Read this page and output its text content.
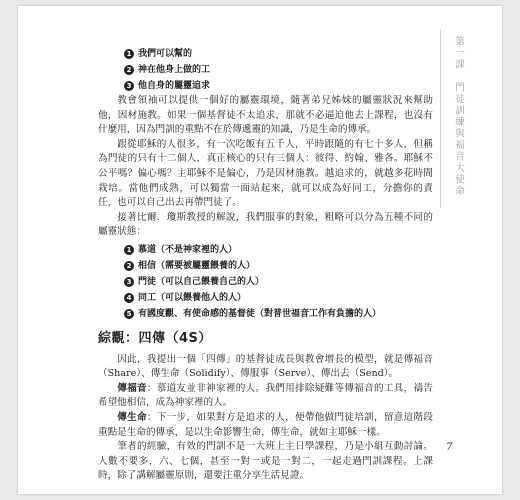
第一課　門徒訓練與福音大使命
1 我們可以幫的
2 神在他身上做的工
3 他自身的屬靈追求

教會領袖可以提供一個好的屬靈環境，隨著弟兄姊妹的屬靈狀況來幫助他，因材施教。如果一個基督徒不太追求，那就不必逼迫他去上課程，也沒有什麼用，因為門訓的重點不在於傳遞靈的知識，乃是生命的傳承。

跟從耶穌的人很多，有一次吃飯有五千人，平時跟隨的有七十多人，但稱為門徒的只有十二個人，真正核心的只有三個人：彼得、約翰、雅各。耶穌不公平嗎？偏心嗎？主耶穌不是偏心，乃是因材施教。越追求的，就越多花時間栽培。當他們成熟，可以獨當一面站起來，就可以成為好同工，分擔你的責任，也可以自己出去再帶門徒了。

接著比爾．瓊斯教授的解說，我們服事的對象，粗略可以分為五種不同的屬靈狀態：

1 慕道（不是神家裡的人）
2 相信（需要被屬靈餵養的人）
3 門徒（可以自己餵養自己的人）
4 同工（可以餵養他人的人）
5 有國度觀、有使命感的基督徒（對普世福音工作有負擔的人）
綜觀：四傳（4S）

因此，我提出一個「四傳」的基督徒成長與教會增長的模型，就是傳福音（Share）、傳生命（Solidify）、傳服事（Serve）、傳出去（Send）。

傳福音：慕道友並非神家裡的人。我們用排除疑難等傳福音的工具，禱告希望他相信，成為神家裡的人。

傳生命：下一步，如果對方是追求的人，便帶他做門徒培訓，留意這階段重點是生命的傳承，是以生命影響生命，傳生命，就如主耶穌一樣。

筆者的經驗，有效的門訓不是一大班上主日學課程，乃是小組互動討論。人數不要多，六、七個，甚至一對一或是一對二，一起走過門訓課程。上課時，除了講解屬靈原則，還要注重分享生活見證。

7
